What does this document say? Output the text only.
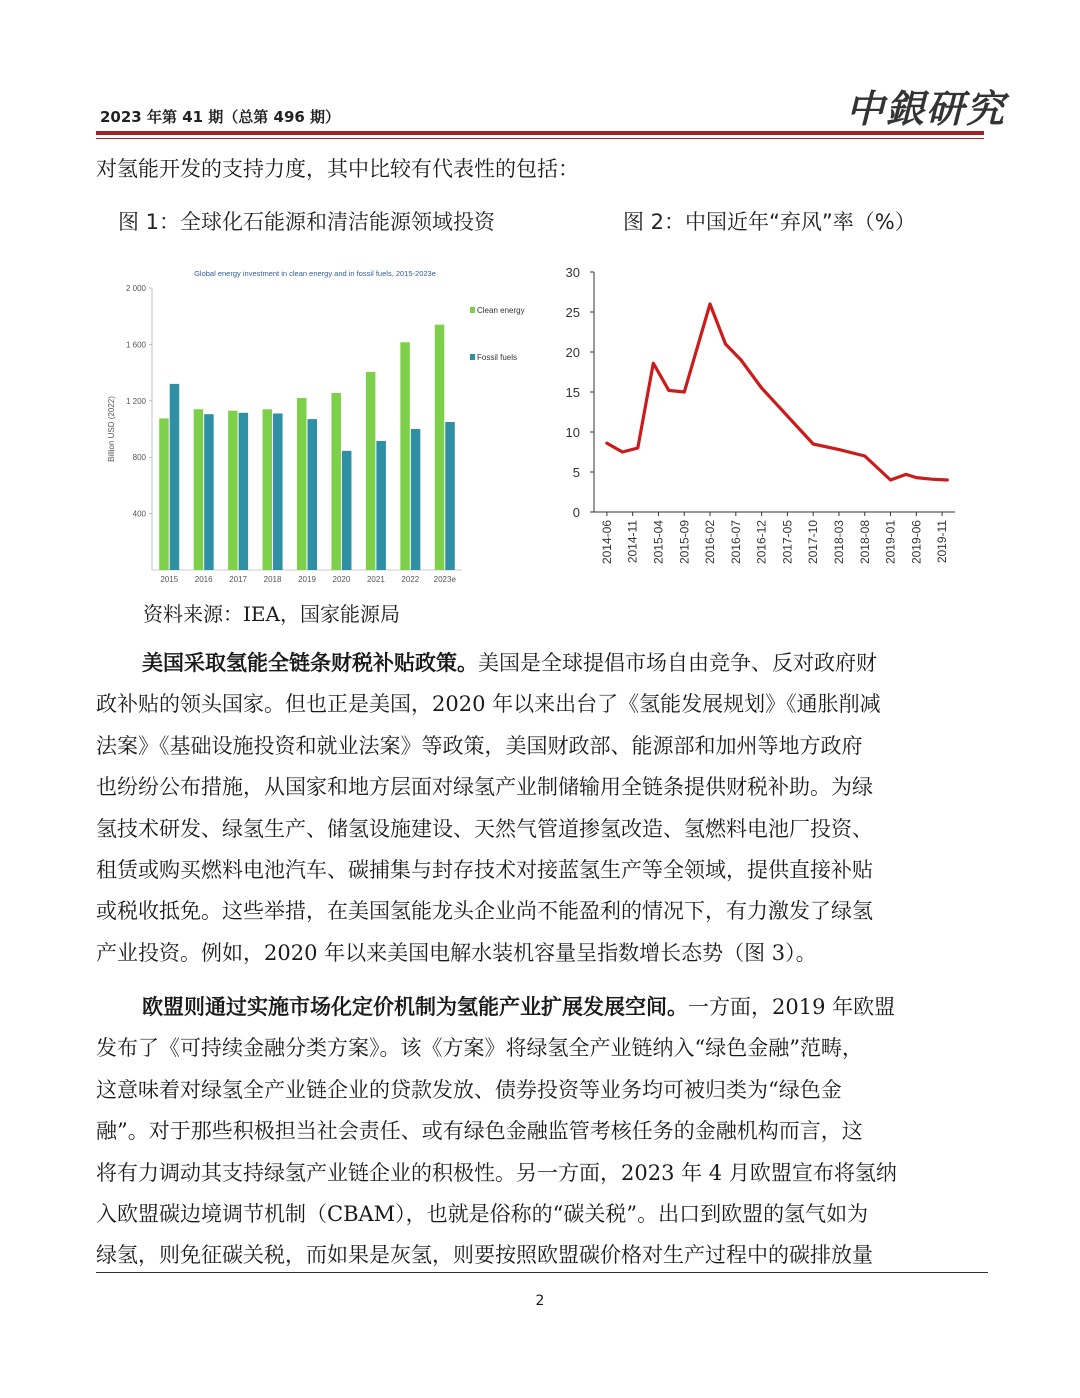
2023 年第 41 期（总第 496 期）	中銀研究
对氢能开发的支持力度，其中比较有代表性的包括：
图 1：全球化石能源和清洁能源领域投资	图 2：中国近年“弃风”率（%）
Global energy investment in clean energy and in fossil fuels, 2015-2023e
Billion USD (2022)
400
800
1 200
1 600
2 000
2015 2016 2017 2018 2019 2020 2021 2022 2023e
Clean energy
Fossil fuels
0
5
10
15
20
25
30
2014-06 2014-11 2015-04 2015-09 2016-02 2016-07 2016-12 2017-05 2017-10 2018-03 2018-08 2019-01 2019-06 2019-11
资料来源：IEA，国家能源局
美国采取氢能全链条财税补贴政策。美国是全球提倡市场自由竞争、反对政府财
政补贴的领头国家。但也正是美国，2020 年以来出台了《氢能发展规划》《通胀削减
法案》《基础设施投资和就业法案》等政策，美国财政部、能源部和加州等地方政府
也纷纷公布措施，从国家和地方层面对绿氢产业制储输用全链条提供财税补助。为绿
氢技术研发、绿氢生产、储氢设施建设、天然气管道掺氢改造、氢燃料电池厂投资、
租赁或购买燃料电池汽车、碳捕集与封存技术对接蓝氢生产等全领域，提供直接补贴
或税收抵免。这些举措，在美国氢能龙头企业尚不能盈利的情况下，有力激发了绿氢
产业投资。例如，2020 年以来美国电解水装机容量呈指数增长态势（图 3）。
欧盟则通过实施市场化定价机制为氢能产业扩展发展空间。一方面，2019 年欧盟
发布了《可持续金融分类方案》。该《方案》将绿氢全产业链纳入“绿色金融”范畴，
这意味着对绿氢全产业链企业的贷款发放、债券投资等业务均可被归类为“绿色金
融”。对于那些积极担当社会责任、或有绿色金融监管考核任务的金融机构而言，这
将有力调动其支持绿氢产业链企业的积极性。另一方面，2023 年 4 月欧盟宣布将氢纳
入欧盟碳边境调节机制（CBAM），也就是俗称的“碳关税”。出口到欧盟的氢气如为
绿氢，则免征碳关税，而如果是灰氢，则要按照欧盟碳价格对生产过程中的碳排放量
2
